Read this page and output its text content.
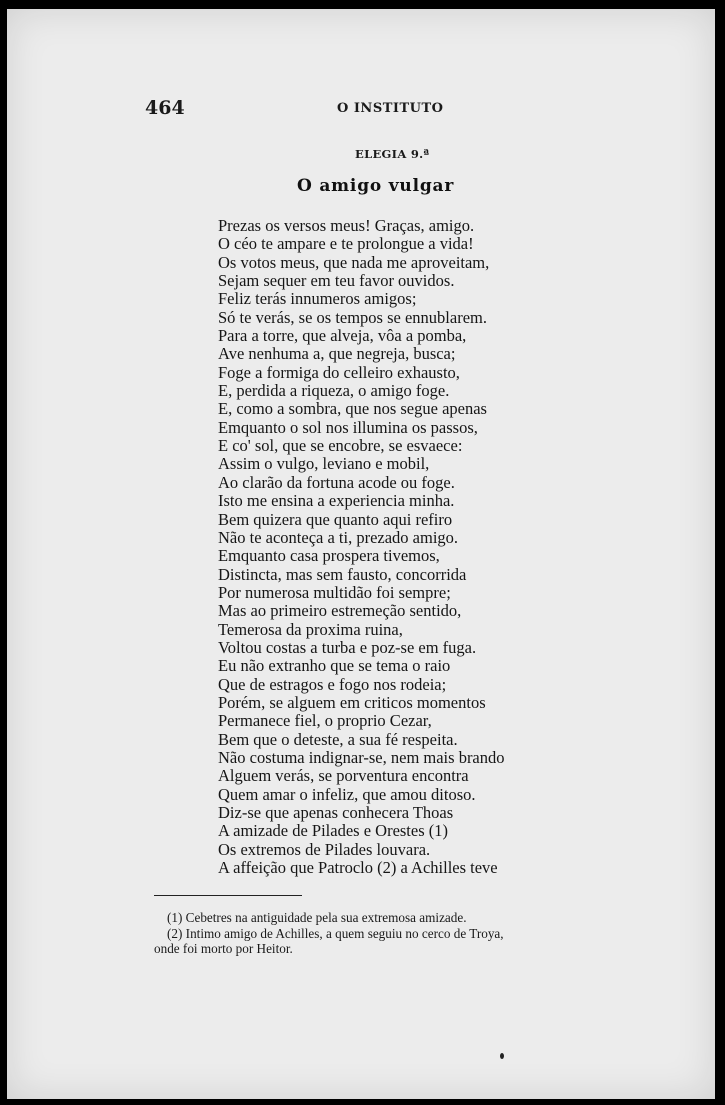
464	O INSTITUTO
ELEGIA 9.ª
O amigo vulgar
Prezas os versos meus! Graças, amigo.
O céo te ampare e te prolongue a vida!
Os votos meus, que nada me aproveitam,
Sejam sequer em teu favor ouvidos.
Feliz terás innumeros amigos;
Só te verás, se os tempos se ennublarem.
Para a torre, que alveja, vôa a pomba,
Ave nenhuma a, que negreja, busca;
Foge a formiga do celleiro exhausto,
E, perdida a riqueza, o amigo foge.
E, como a sombra, que nos segue apenas
Emquanto o sol nos illumina os passos,
E co' sol, que se encobre, se esvaece:
Assim o vulgo, leviano e mobil,
Ao clarão da fortuna acode ou foge.
Isto me ensina a experiencia minha.
Bem quizera que quanto aqui refiro
Não te aconteça a ti, prezado amigo.
Emquanto casa prospera tivemos,
Distincta, mas sem fausto, concorrida
Por numerosa multidão foi sempre;
Mas ao primeiro estremeção sentido,
Temerosa da proxima ruina,
Voltou costas a turba e poz-se em fuga.
Eu não extranho que se tema o raio
Que de estragos e fogo nos rodeia;
Porém, se alguem em criticos momentos
Permanece fiel, o proprio Cezar,
Bem que o deteste, a sua fé respeita.
Não costuma indignar-se, nem mais brando
Alguem verás, se porventura encontra
Quem amar o infeliz, que amou ditoso.
Diz-se que apenas conhecera Thoas
A amizade de Pilades e Orestes (1)
Os extremos de Pilades louvara.
A affeição que Patroclo (2) a Achilles teve

(1) Cebetres na antiguidade pela sua extremosa amizade.

(2) Intimo amigo de Achilles, a quem seguiu no cerco de Troya,

onde foi morto por Heitor.
